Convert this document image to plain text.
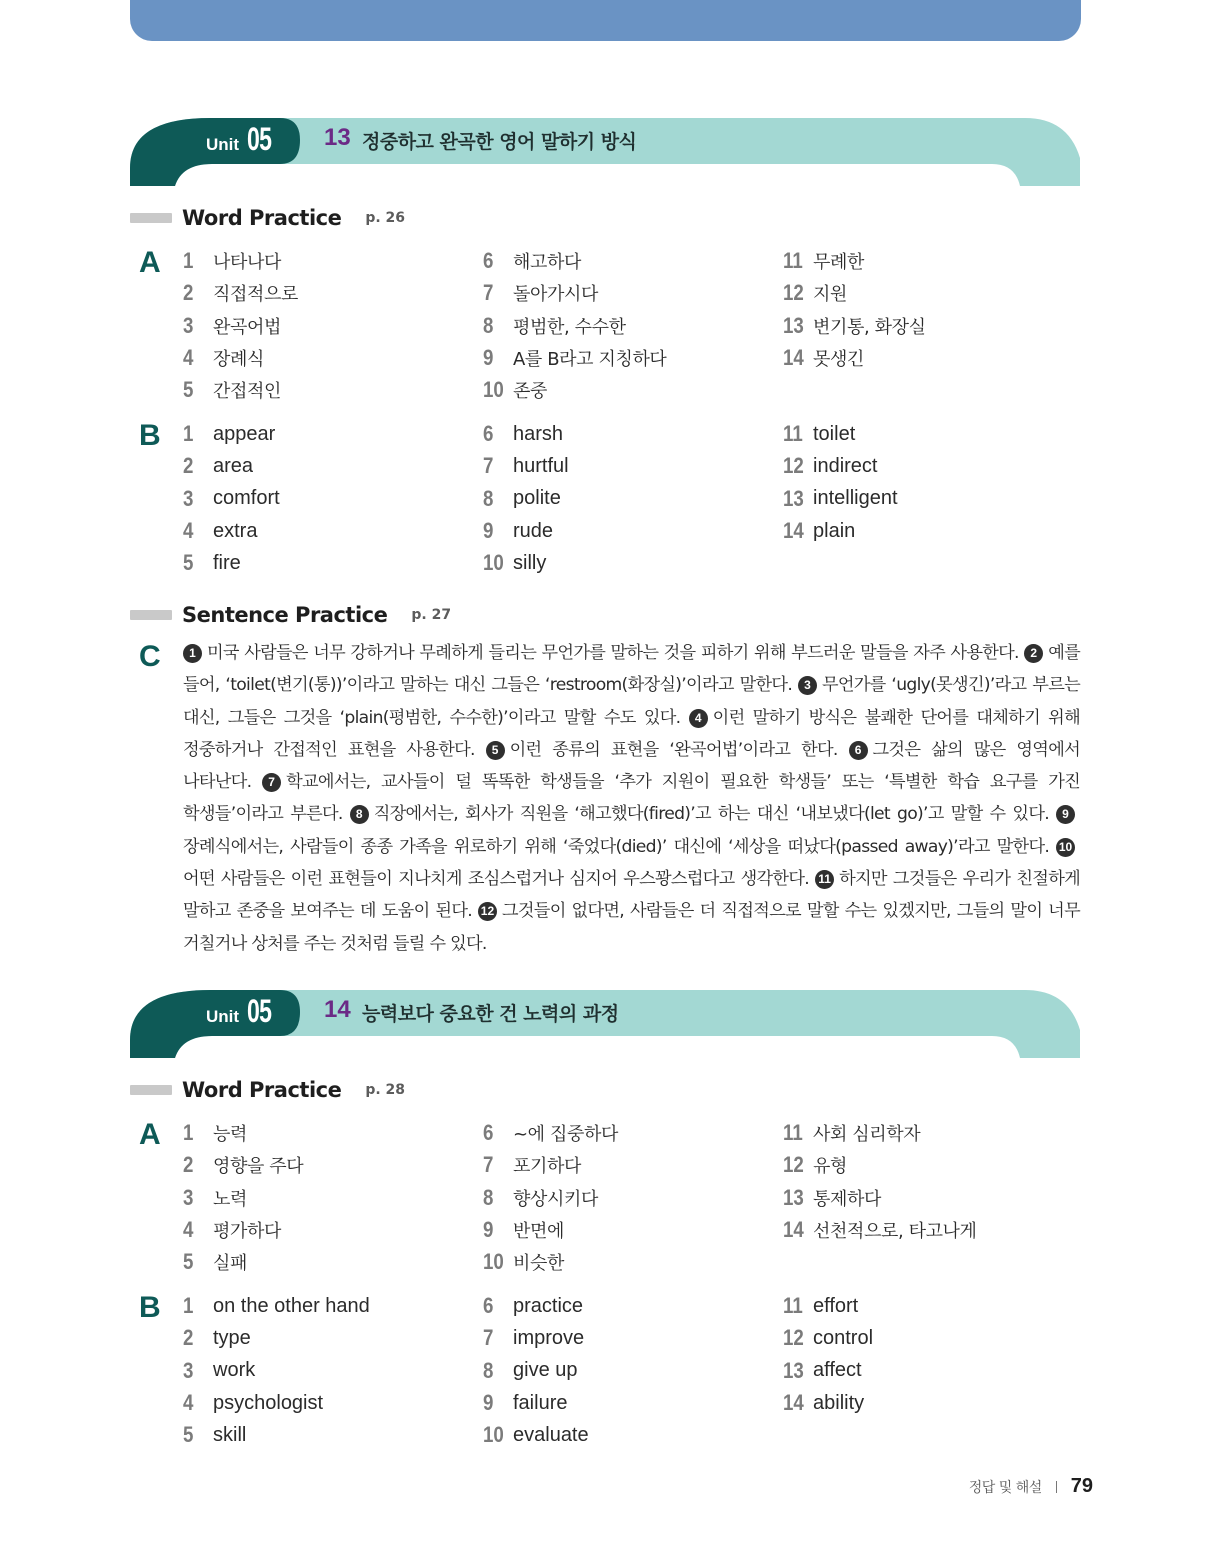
Unit 05 13 정중하고 완곡한 영어 말하기 방식
Word Practice p. 26
A 1	나타나다
2	직접적으로
3	완곡어법
4	장례식
5	간접적인
6	해고하다
7	돌아가시다
8	평범한, 수수한
9	A를 B라고 지칭하다
10 존중
11 무례한
12 지원
13 변기통, 화장실
14 못생긴
B 1 appear
2 area
3 comfort
4 extra
5 fire
6 harsh
7 hurtful
8 polite
9 rude
10 silly
11 toilet
12 indirect
13 intelligent
14 plain
Sentence Practice p. 27
C	1 미국 사람들은 너무 강하거나 무례하게 들리는 무언가를 말하는 것을 피하기 위해 부드러운 말들을 자주 사용한다. 2 예를 들어, ‘toilet(변기(통))’이라고 말하는 대신 그들은 ‘restroom(화장실)’이라고 말한다. 3 무언가를 ‘ugly(못생긴)’라고 부르는 대신, 그들은 그것을 ‘plain(평범한, 수수한)’이라고 말할 수도 있다. 4 이런 말하기 방식은 불쾌한 단어를 대체하기 위해 정중하거나 간접적인 표현을 사용한다. 5 이런 종류의 표현을 ‘완곡어법’이라고 한다. 6 그것은 삶의 많은 영역에서 나타난다. 7 학교에서는, 교사들이 덜 똑똑한 학생들을 ‘추가 지원이 필요한 학생들’ 또는 ‘특별한 학습 요구를 가진 학생들’이라고 부른다. 8 직장에서는, 회사가 직원을 ‘해고했다(fired)’고 하는 대신 ‘내보냈다(let go)’고 말할 수 있다. 9장례식에서는, 사람들이 종종 가족을 위로하기 위해 ‘죽었다(died)’ 대신에 ‘세상을 떠났다(passed away)’라고 말한다. 10어떤 사람들은 이런 표현들이 지나치게 조심스럽거나 심지어 우스꽝스럽다고 생각한다. 11 하지만 그것들은 우리가 친절하게 말하고 존중을 보여주는 데 도움이 된다. 12 그것들이 없다면, 사람들은 더 직접적으로 말할 수는 있겠지만, 그들의 말이 너무 거칠거나 상처를 주는 것처럼 들릴 수 있다.
Unit 05 14 능력보다 중요한 건 노력의 과정
Word Practice p. 28
A 1	능력
2	영향을 주다
3	노력
4	평가하다
5	실패
6	~에 집중하다
7	포기하다
8	향상시키다
9	반면에
10 비슷한
11 사회 심리학자
12 유형
13 통제하다
14 선천적으로, 타고나게
B 1 on the other hand
2 type
3 work
4 psychologist
5 skill
6 practice
7 improve
8 give up
9 failure
10 evaluate
11 effort
12 control
13 affect
14 ability
정답 및 해설 79
